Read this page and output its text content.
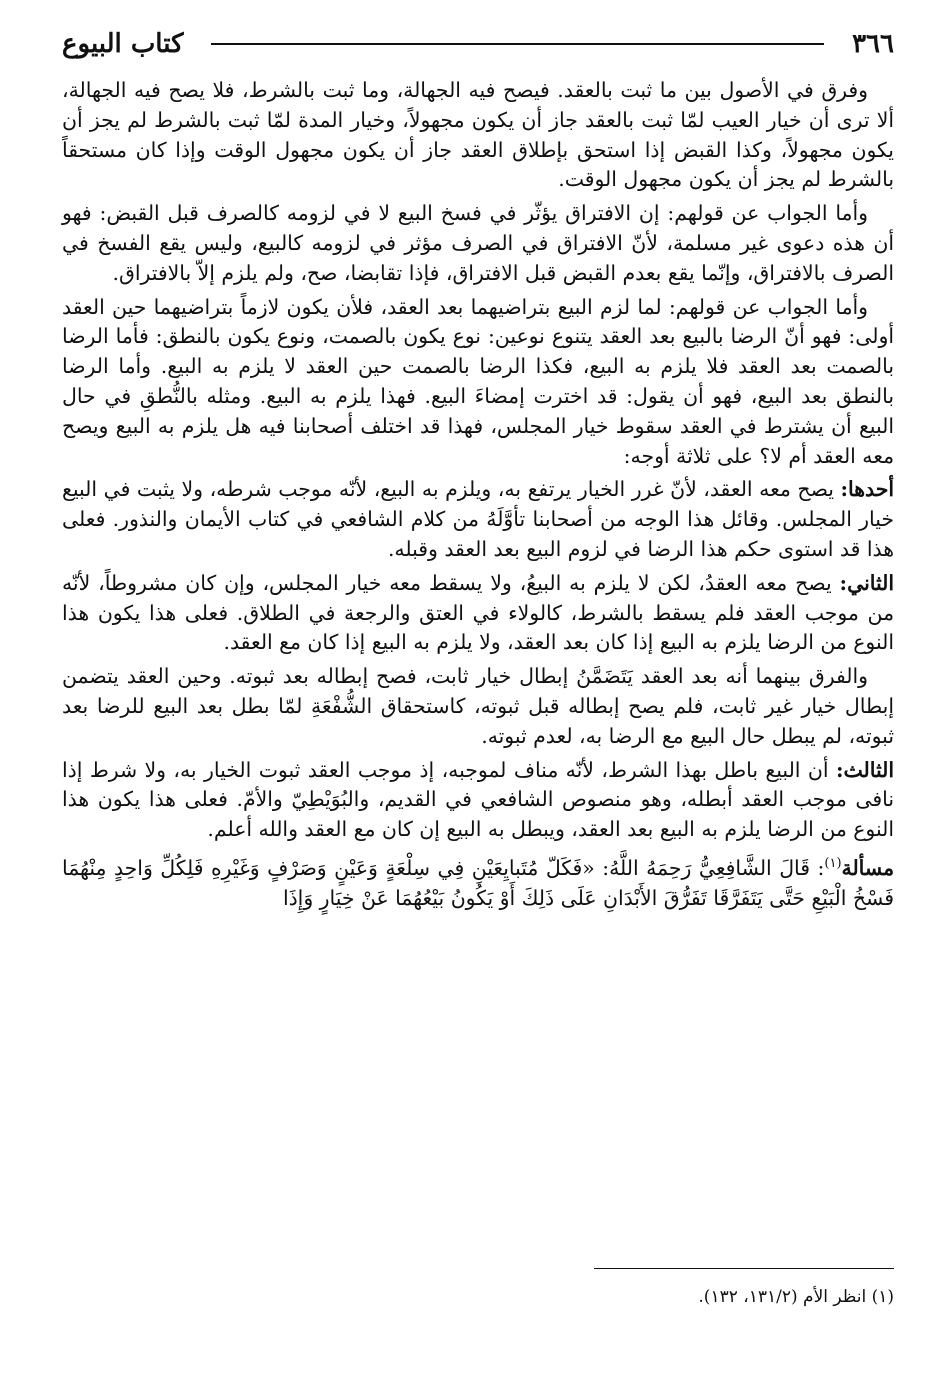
٣٦٦
كتاب البيوع

وفرق في الأصول بين ما ثبت بالعقد. فيصح فيه الجهالة، وما ثبت بالشرط، فلا يصح فيه الجهالة، ألا ترى أن خيار العيب لمّا ثبت بالعقد جاز أن يكون مجهولاً، وخيار المدة لمّا ثبت بالشرط لم يجز أن يكون مجهولاً، وكذا القبض إذا استحق بإطلاق العقد جاز أن يكون مجهول الوقت وإذا كان مستحقاً بالشرط لم يجز أن يكون مجهول الوقت.

وأما الجواب عن قولهم: إن الافتراق يؤثّر في فسخ البيع لا في لزومه كالصرف قبل القبض: فهو أن هذه دعوى غير مسلمة، لأنّ الافتراق في الصرف مؤثر في لزومه كالبيع، وليس يقع الفسخ في الصرف بالافتراق، وإنّما يقع بعدم القبض قبل الافتراق، فإذا تقابضا، صح، ولم يلزم إلاّ بالافتراق.

وأما الجواب عن قولهم: لما لزم البيع بتراضيهما بعد العقد، فلأن يكون لازماً بتراضيهما حين العقد أولى: فهو أنّ الرضا بالبيع بعد العقد يتنوع نوعين: نوع يكون بالصمت، ونوع يكون بالنطق: فأما الرضا بالصمت بعد العقد فلا يلزم به البيع، فكذا الرضا بالصمت حين العقد لا يلزم به البيع. وأما الرضا بالنطق بعد البيع، فهو أن يقول: قد اخترت إمضاءَ البيع. فهذا يلزم به البيع. ومثله بالنُّطقِ في حال البيع أن يشترط في العقد سقوط خيار المجلس، فهذا قد اختلف أصحابنا فيه هل يلزم به البيع ويصح معه العقد أم لا؟ على ثلاثة أوجه:

أحدها: يصح معه العقد، لأنّ غرر الخيار يرتفع به، ويلزم به البيع، لأنّه موجب شرطه، ولا يثبت في البيع خيار المجلس. وقائل هذا الوجه من أصحابنا تأوَّلَهُ من كلام الشافعي في كتاب الأيمان والنذور. فعلى هذا قد استوى حكم هذا الرضا في لزوم البيع بعد العقد وقبله.

الثاني: يصح معه العقدُ، لكن لا يلزم به البيعُ، ولا يسقط معه خيار المجلس، وإن كان مشروطاً، لأنّه من موجب العقد فلم يسقط بالشرط، كالولاء في العتق والرجعة في الطلاق. فعلى هذا يكون هذا النوع من الرضا يلزم به البيع إذا كان بعد العقد، ولا يلزم به البيع إذا كان مع العقد.

والفرق بينهما أنه بعد العقد يَتَضَمَّنُ إبطال خيار ثابت، فصح إبطاله بعد ثبوته. وحين العقد يتضمن إبطال خيار غير ثابت، فلم يصح إبطاله قبل ثبوته، كاستحقاق الشُّفْعَةِ لمّا بطل بعد البيع للرضا بعد ثبوته، لم يبطل حال البيع مع الرضا به، لعدم ثبوته.

الثالث: أن البيع باطل بهذا الشرط، لأنّه مناف لموجبه، إذ موجب العقد ثبوت الخيار به، ولا شرط إذا نافى موجب العقد أبطله، وهو منصوص الشافعي في القديم، والبُوَيْطِيّ والأمّ. فعلى هذا يكون هذا النوع من الرضا يلزم به البيع بعد العقد، ويبطل به البيع إن كان مع العقد والله أعلم.

مسألة$^{(١)}$: قَالَ الشَّافِعِيُّ رَحِمَهُ اللَّهُ: «فَكَلّ مُتَبايِعَيْنِ فِي سِلْعَةٍ وَعَيْنٍ وَصَرْفٍ وَغَيْرِهِ فَلِكُلِّ وَاحِدٍ مِنْهُمَا فَسْخُ الْبَيْعِ حَتَّى يَتَفَرَّقَا تَفَرُّقَ الأَبْدَانِ عَلَى ذَلِكَ أَوْ يَكُونُ بَيْعُهُمَا عَنْ خِيَارٍ وَإِذَا

(١) انظر الأم (١٣١/٢، ١٣٢).
